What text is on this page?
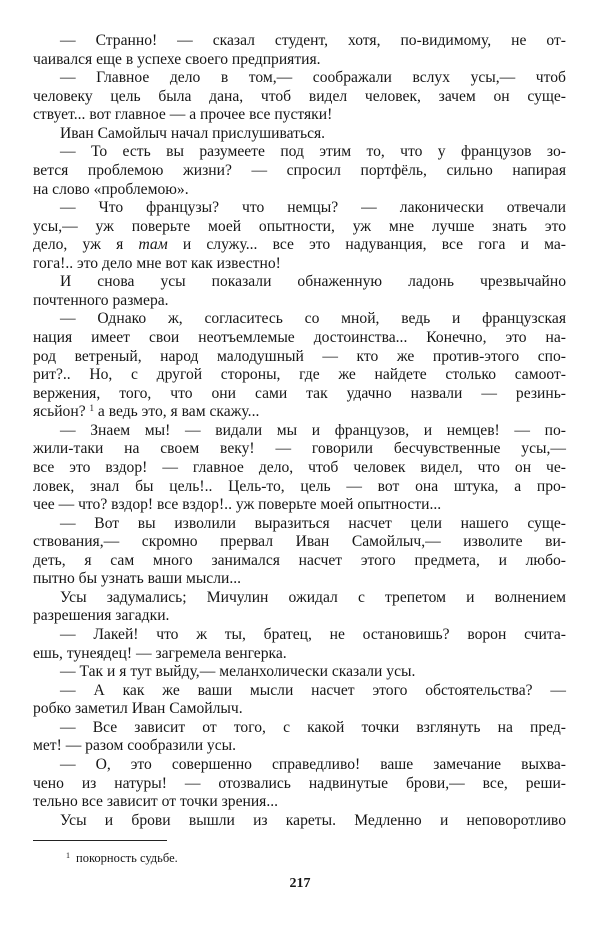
— Странно! — сказал студент, хотя, по-видимому, не от-
чаивался еще в успехе своего предприятия.
— Главное дело в том,— соображали вслух усы,— чтоб
человеку цель была дана, чтоб видел человек, зачем он суще-
ствует... вот главное — а прочее все пустяки!
Иван Самойлыч начал прислушиваться.
— То есть вы разумеете под этим то, что у французов зо-
вется проблемою жизни? — спросил портфёль, сильно напирая
на слово «проблемою».
— Что французы? что немцы? — лаконически отвечали
усы,— уж поверьте моей опытности, уж мне лучше знать это
дело, уж я там и служу... все это надуванция, все гога и ма-
гога!.. это дело мне вот как известно!
И снова усы показали обнаженную ладонь чрезвычайно
почтенного размера.
— Однако ж, согласитесь со мной, ведь и французская
нация имеет свои неотъемлемые достоинства... Конечно, это на-
род ветреный, народ малодушный — кто же против-этого спо-
рит?.. Но, с другой стороны, где же найдете столько самоот-
вержения, того, что они сами так удачно назвали — резинь-
ясьйон? $^1$ а ведь это, я вам скажу...
— Знаем мы! — видали мы и французов, и немцев! — по-
жили-таки на своем веку! — говорили бесчувственные усы,—
все это вздор! — главное дело, чтоб человек видел, что он че-
ловек, знал бы цель!.. Цель-то, цель — вот она штука, а про-
чее — что? вздор! все вздор!.. уж поверьте моей опытности...
— Вот вы изволили выразиться насчет цели нашего суще-
ствования,— скромно прервал Иван Самойлыч,— изволите ви-
деть, я сам много занимался насчет этого предмета, и любо-
пытно бы узнать ваши мысли...
Усы задумались; Мичулин ожидал с трепетом и волнением
разрешения загадки.
— Лакей! что ж ты, братец, не остановишь? ворон счита-
ешь, тунеядец! — загремела венгерка.
— Так и я тут выйду,— меланхолически сказали усы.
— А как же ваши мысли насчет этого обстоятельства? —
робко заметил Иван Самойлыч.
— Все зависит от того, с какой точки взглянуть на пред-
мет! — разом сообразили усы.
— О, это совершенно справедливо! ваше замечание выхва-
чено из натуры! — отозвались надвинутые брови,— все, реши-
тельно все зависит от точки зрения...
Усы и брови вышли из кареты. Медленно и неповоротливо
$^1$ покорность судьбе.
217
